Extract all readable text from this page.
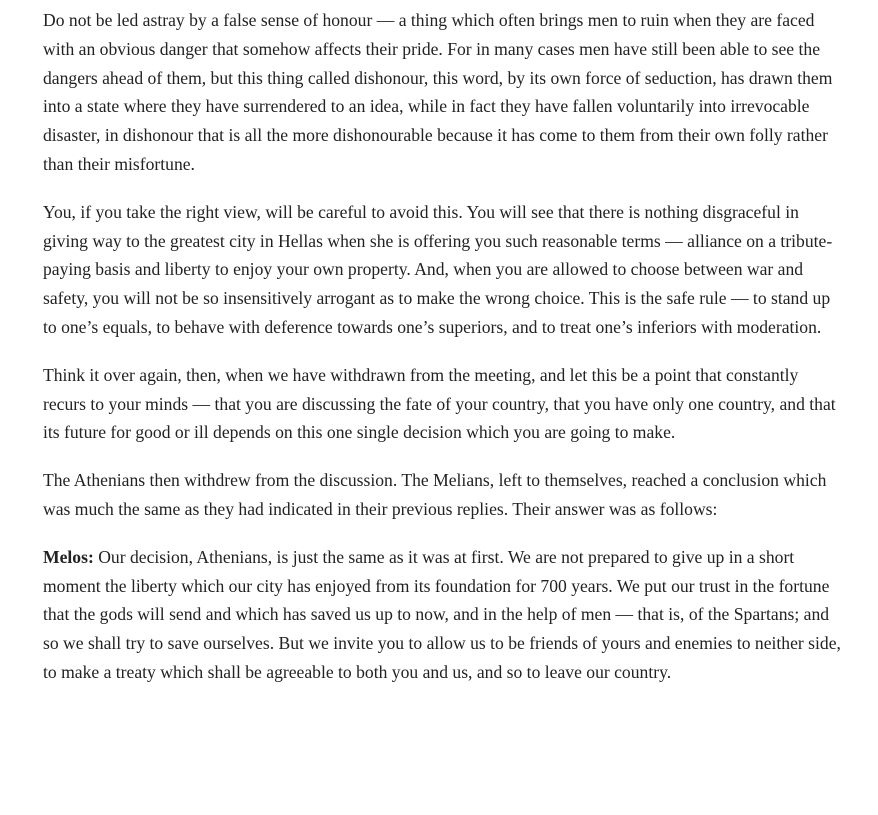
Do not be led astray by a false sense of honour — a thing which often brings men to ruin when they are faced with an obvious danger that somehow affects their pride. For in many cases men have still been able to see the dangers ahead of them, but this thing called dishonour, this word, by its own force of seduction, has drawn them into a state where they have surrendered to an idea, while in fact they have fallen voluntarily into irrevocable disaster, in dishonour that is all the more dishonourable because it has come to them from their own folly rather than their misfortune.

You, if you take the right view, will be careful to avoid this. You will see that there is nothing disgraceful in giving way to the greatest city in Hellas when she is offering you such reasonable terms — alliance on a tribute-paying basis and liberty to enjoy your own property. And, when you are allowed to choose between war and safety, you will not be so insensitively arrogant as to make the wrong choice. This is the safe rule — to stand up to one’s equals, to behave with deference towards one’s superiors, and to treat one’s inferiors with moderation.

Think it over again, then, when we have withdrawn from the meeting, and let this be a point that constantly recurs to your minds — that you are discussing the fate of your country, that you have only one country, and that its future for good or ill depends on this one single decision which you are going to make.

The Athenians then withdrew from the discussion. The Melians, left to themselves, reached a conclusion which was much the same as they had indicated in their previous replies. Their answer was as follows:

Melos: Our decision, Athenians, is just the same as it was at first. We are not prepared to give up in a short moment the liberty which our city has enjoyed from its foundation for 700 years. We put our trust in the fortune that the gods will send and which has saved us up to now, and in the help of men — that is, of the Spartans; and so we shall try to save ourselves. But we invite you to allow us to be friends of yours and enemies to neither side, to make a treaty which shall be agreeable to both you and us, and so to leave our country.
